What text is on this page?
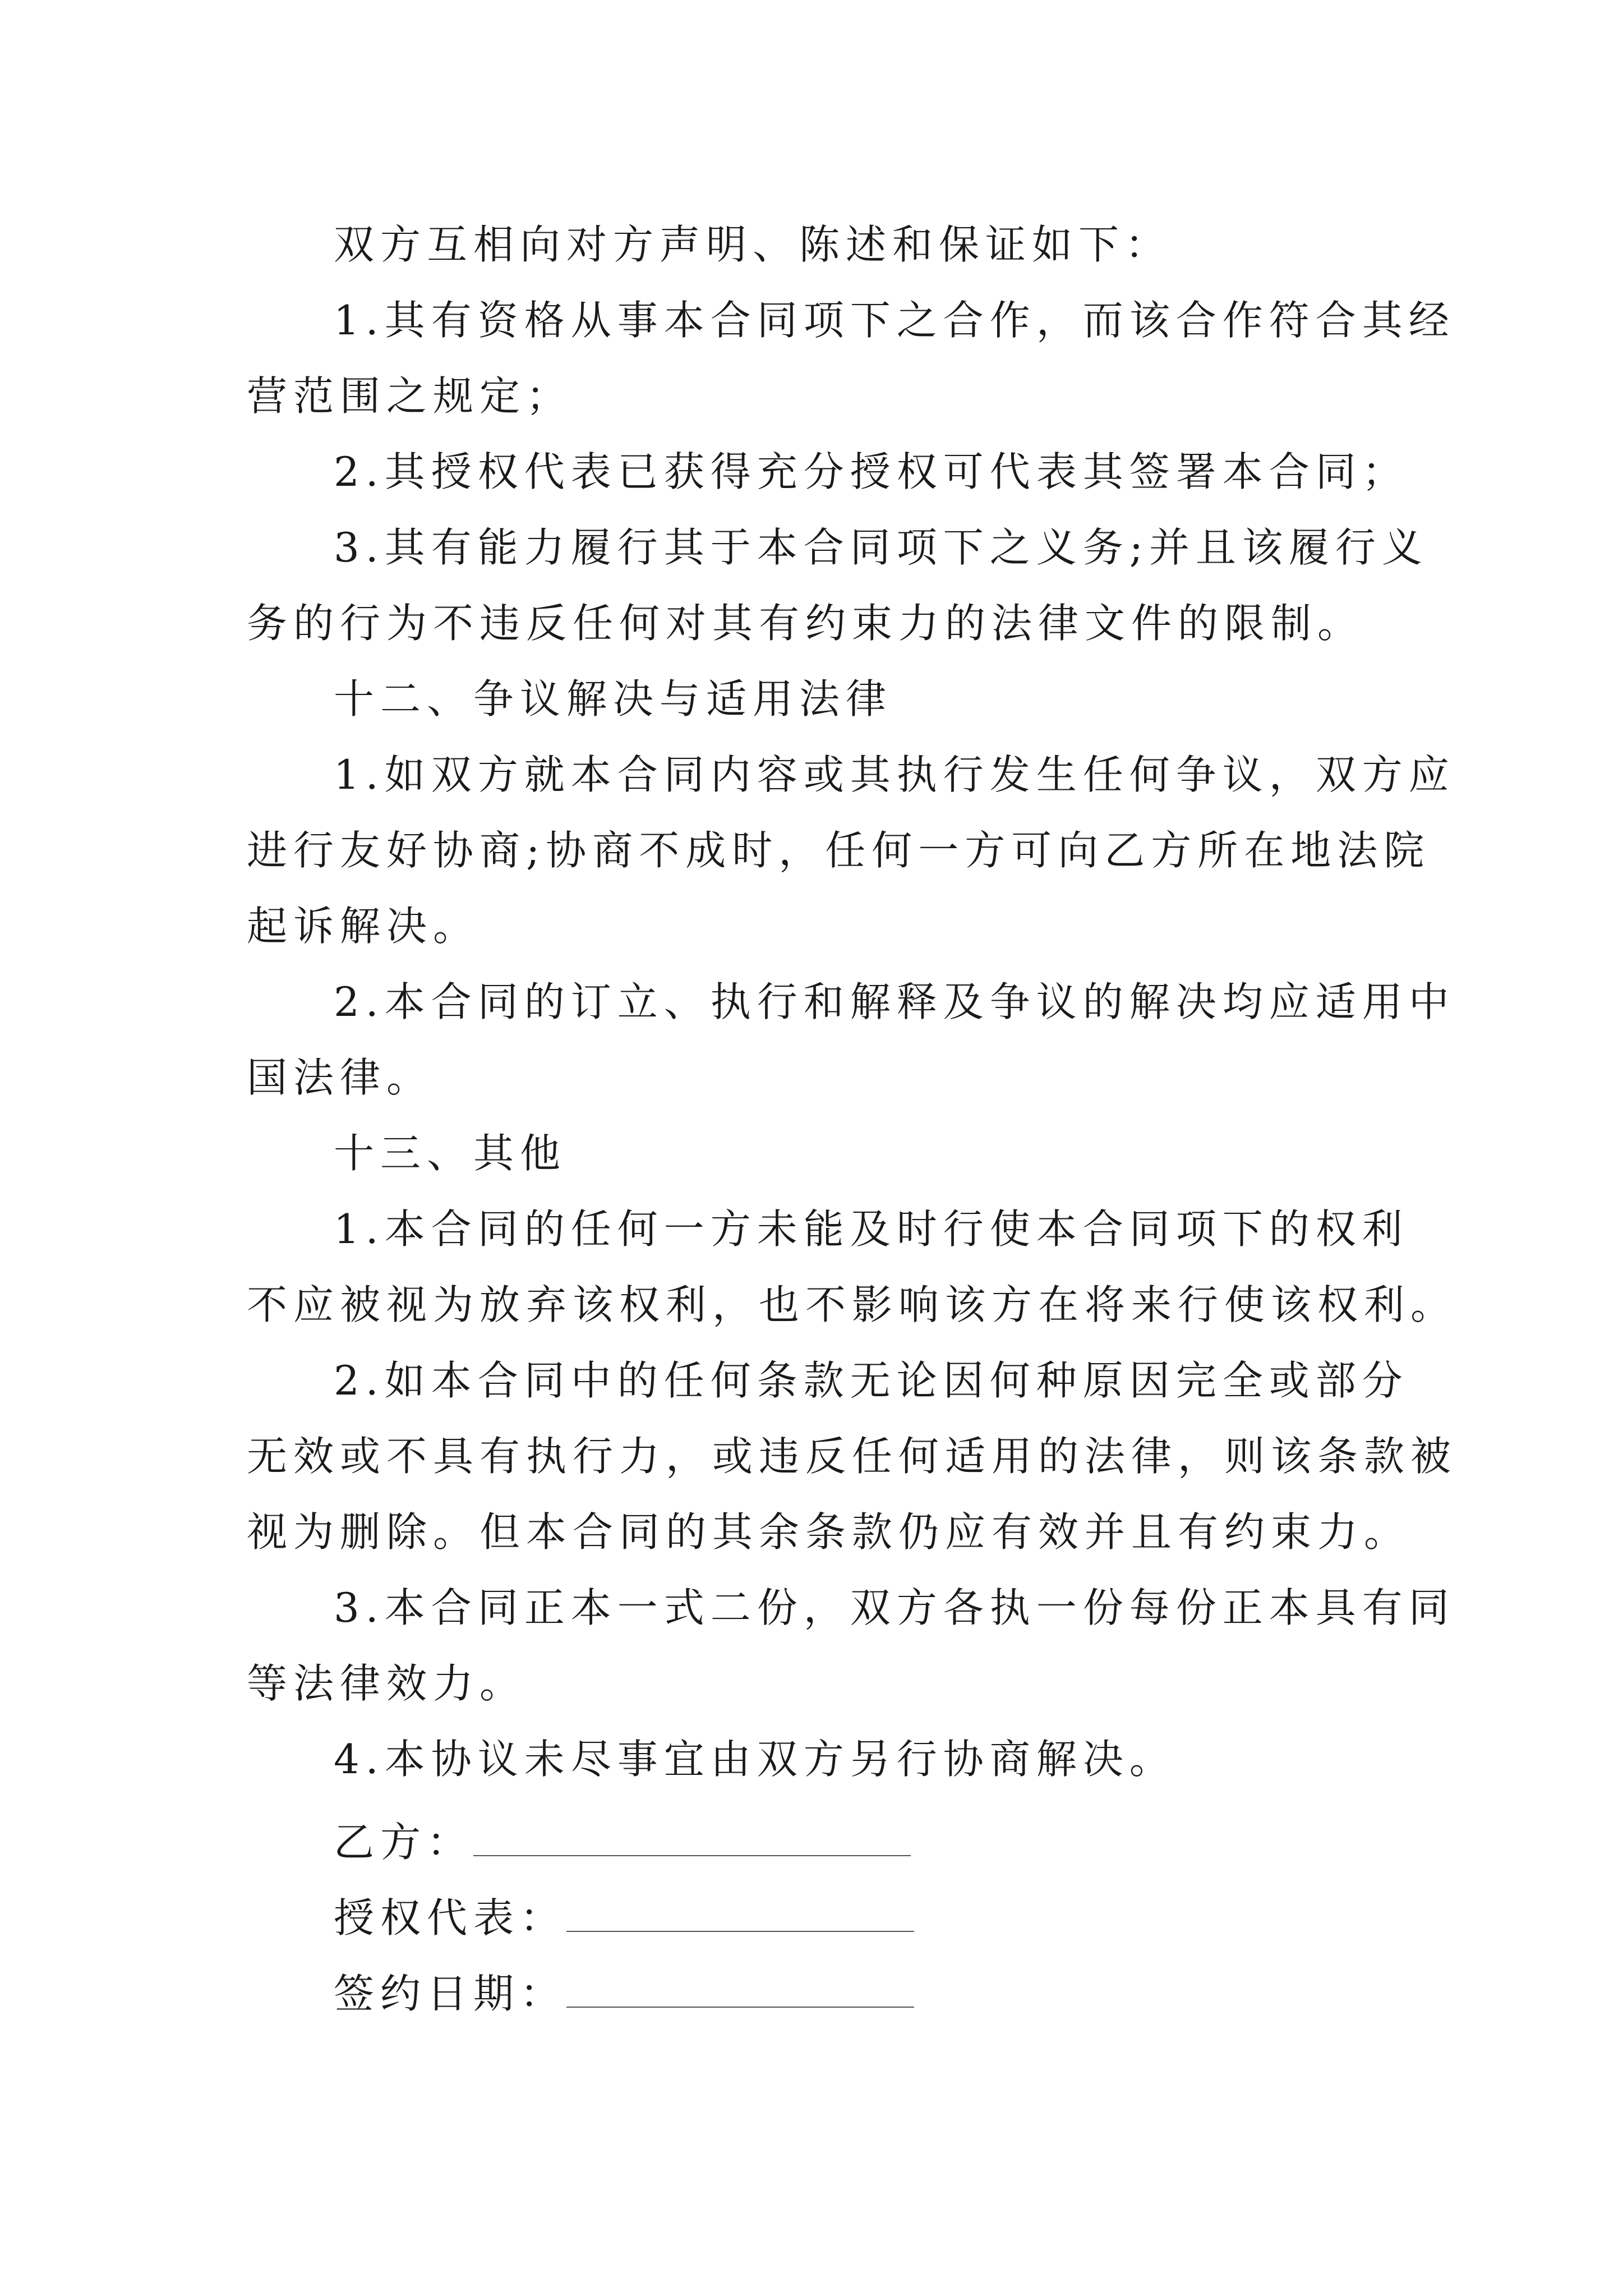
双方互相向对方声明、陈述和保证如下：
1.其有资格从事本合同项下之合作，而该合作符合其经
营范围之规定；
2.其授权代表已获得充分授权可代表其签署本合同；
3.其有能力履行其于本合同项下之义务;并且该履行义
务的行为不违反任何对其有约束力的法律文件的限制。
十二、争议解决与适用法律
1.如双方就本合同内容或其执行发生任何争议，双方应
进行友好协商;协商不成时，任何一方可向乙方所在地法院
起诉解决。
2.本合同的订立、执行和解释及争议的解决均应适用中
国法律。
十三、其他
1.本合同的任何一方未能及时行使本合同项下的权利
不应被视为放弃该权利，也不影响该方在将来行使该权利。
2.如本合同中的任何条款无论因何种原因完全或部分
无效或不具有执行力，或违反任何适用的法律，则该条款被
视为删除。但本合同的其余条款仍应有效并且有约束力。
3.本合同正本一式二份，双方各执一份每份正本具有同
等法律效力。
4.本协议未尽事宜由双方另行协商解决。
乙方：
授权代表：
签约日期：
